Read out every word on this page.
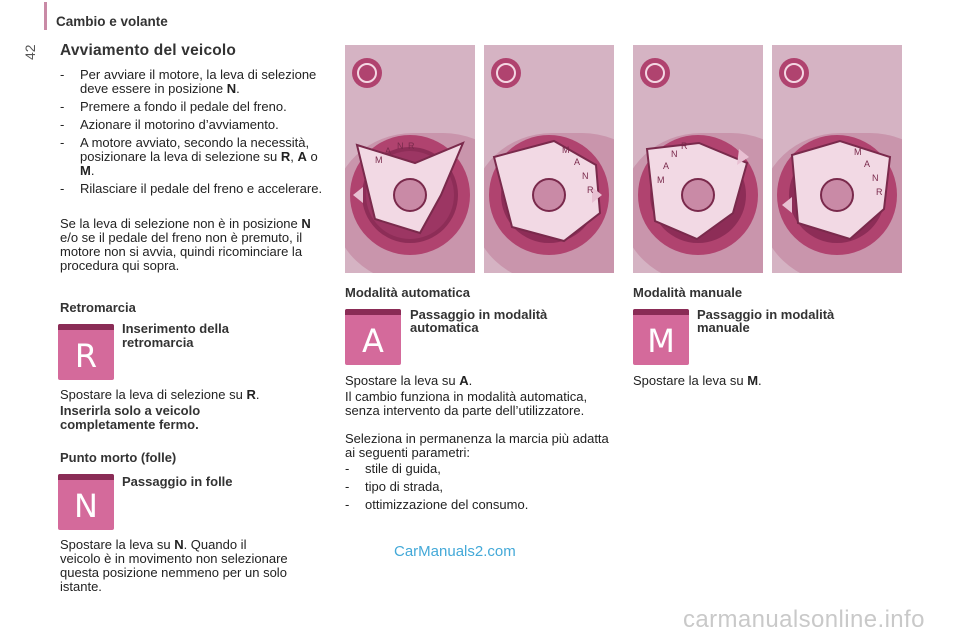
Cambio e volante
42 Avviamento del veicolo
- Per avviare il motore, la leva di selezione deve essere in posizione N.
- Premere a fondo il pedale del freno.
- Azionare il motorino d’avviamento.
- A motore avviato, secondo la necessità, posizionare la leva di selezione su R, A o M.
- Rilasciare il pedale del freno e accelerare.
Se la leva di selezione non è in posizione N e/o se il pedale del freno non è premuto, il motore non si avvia, quindi ricominciare la procedura qui sopra.
Retromarcia
R
Inserimento della retromarcia
Spostare la leva di selezione su R.
Inserirla solo a veicolo completamente fermo.
Punto morto (folle)
N
Passaggio in folle
Spostare la leva su N. Quando il veicolo è in movimento non selezionare questa posizione nemmeno per un solo istante.
M
A N R	M
A
N
R
M
A
N
R
M
A
N
R
Modalità automatica
A
Passaggio in modalità automatica
Spostare la leva su A.
Il cambio funziona in modalità automatica, senza intervento da parte dell’utilizzatore.
Seleziona in permanenza la marcia più adatta ai seguenti parametri:
- stile di guida,
- tipo di strada,
- ottimizzazione del consumo.
Modalità manuale
M
Passaggio in modalità manuale
Spostare la leva su M.
CarManuals2.com
carmanualsonline.info
